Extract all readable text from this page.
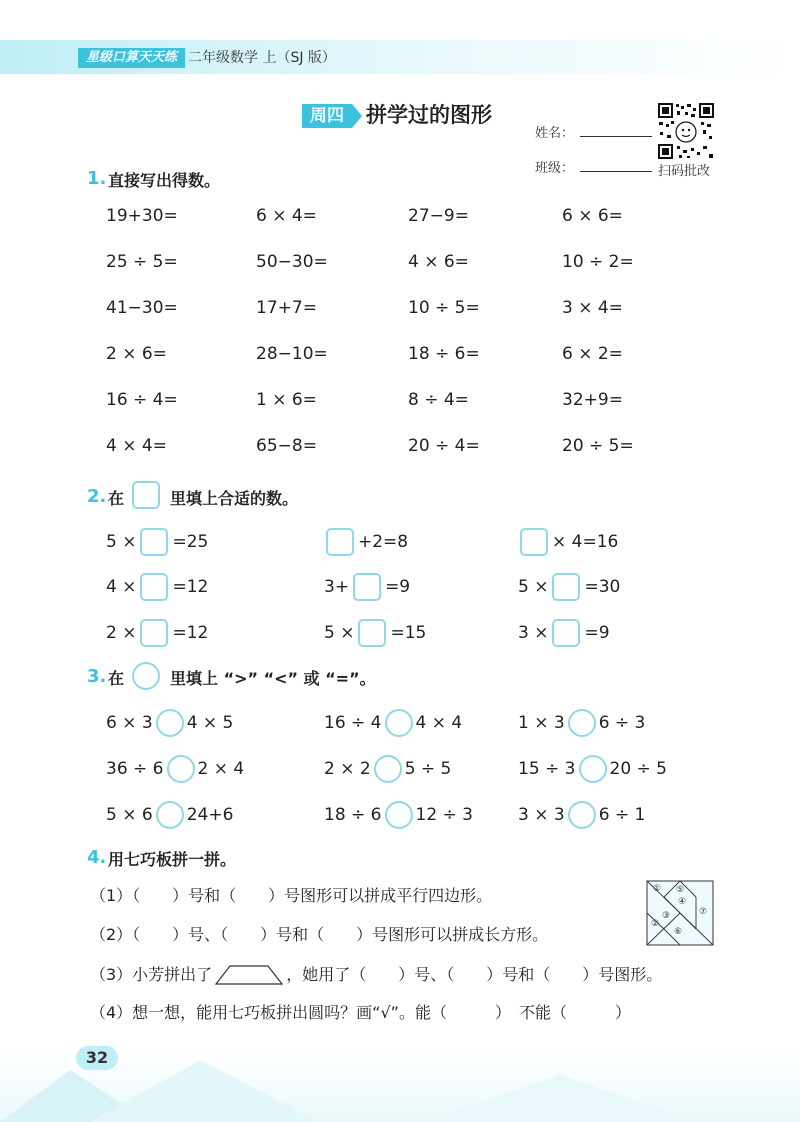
星级口算天天练 二年级数学 上（SJ 版）
周四	拼学过的图形
姓名：
班级：	扫码批改
1. 直接写出得数。
19+30=	6 × 4=	27−9=	6 × 6=
25 ÷ 5=	50−30=	4 × 6=	10 ÷ 2=
41−30=	17+7=	10 ÷ 5=	3 × 4=
2 × 6=	28−10=	18 ÷ 6=	6 × 2=
16 ÷ 4=	1 × 6=	8 ÷ 4=	32+9=
4 × 4=	65−8=	20 ÷ 4=	20 ÷ 5=
2. 在	里填上合适的数。
5 × =25	+2=8	× 4=16
4 × =12	3+ =9	5 × =30
2 × =12	5 × =15	3 × =9
3. 在	里填上 “>” “<” 或 “=”。
6 × 3 4 × 5	16 ÷ 4 4 × 4	1 × 3 6 ÷ 3
36 ÷ 6 2 × 4	2 × 2 5 ÷ 5	15 ÷ 3 20 ÷ 5
5 × 6 24+6	18 ÷ 6 12 ÷ 3	3 × 3 6 ÷ 1
4. 用七巧板拼一拼。
（1）（　　）号和（　　）号图形可以拼成平行四边形。
（2）（　　）号、（　　）号和（　　）号图形可以拼成长方形。
（3）小芳拼出了	，她用了（　　）号、（　　）号和（　　）号图形。
（4）想一想，能用七巧板拼出圆吗？画“√”。能（　　　）　不能（　　　）
①
②
③
④
⑤
⑥
⑦
32
